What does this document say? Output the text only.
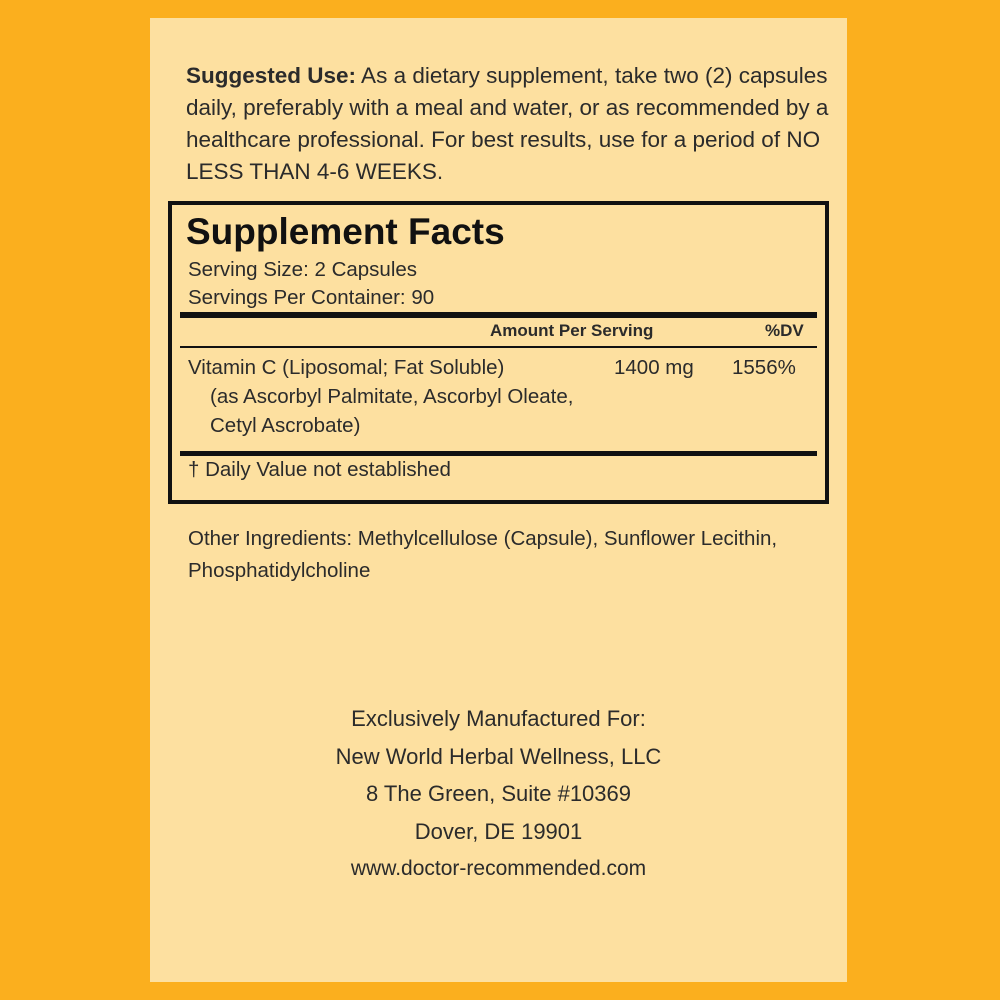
Suggested Use: As a dietary supplement, take two (2) capsules daily, preferably with a meal and water, or as recommended by a healthcare professional. For best results, use for a period of NO LESS THAN 4-6 WEEKS.
Supplement Facts
Serving Size: 2 Capsules
Servings Per Container: 90
Amount Per Serving	%DV
Vitamin C (Liposomal; Fat Soluble)
(as Ascorbyl Palmitate, Ascorbyl Oleate, Cetyl Ascrobate)
1400 mg 1556%
† Daily Value not established
Other Ingredients: Methylcellulose (Capsule), Sunflower Lecithin, Phosphatidylcholine
Exclusively Manufactured For:
New World Herbal Wellness, LLC
8 The Green, Suite #10369
Dover, DE 19901
www.doctor-recommended.com
